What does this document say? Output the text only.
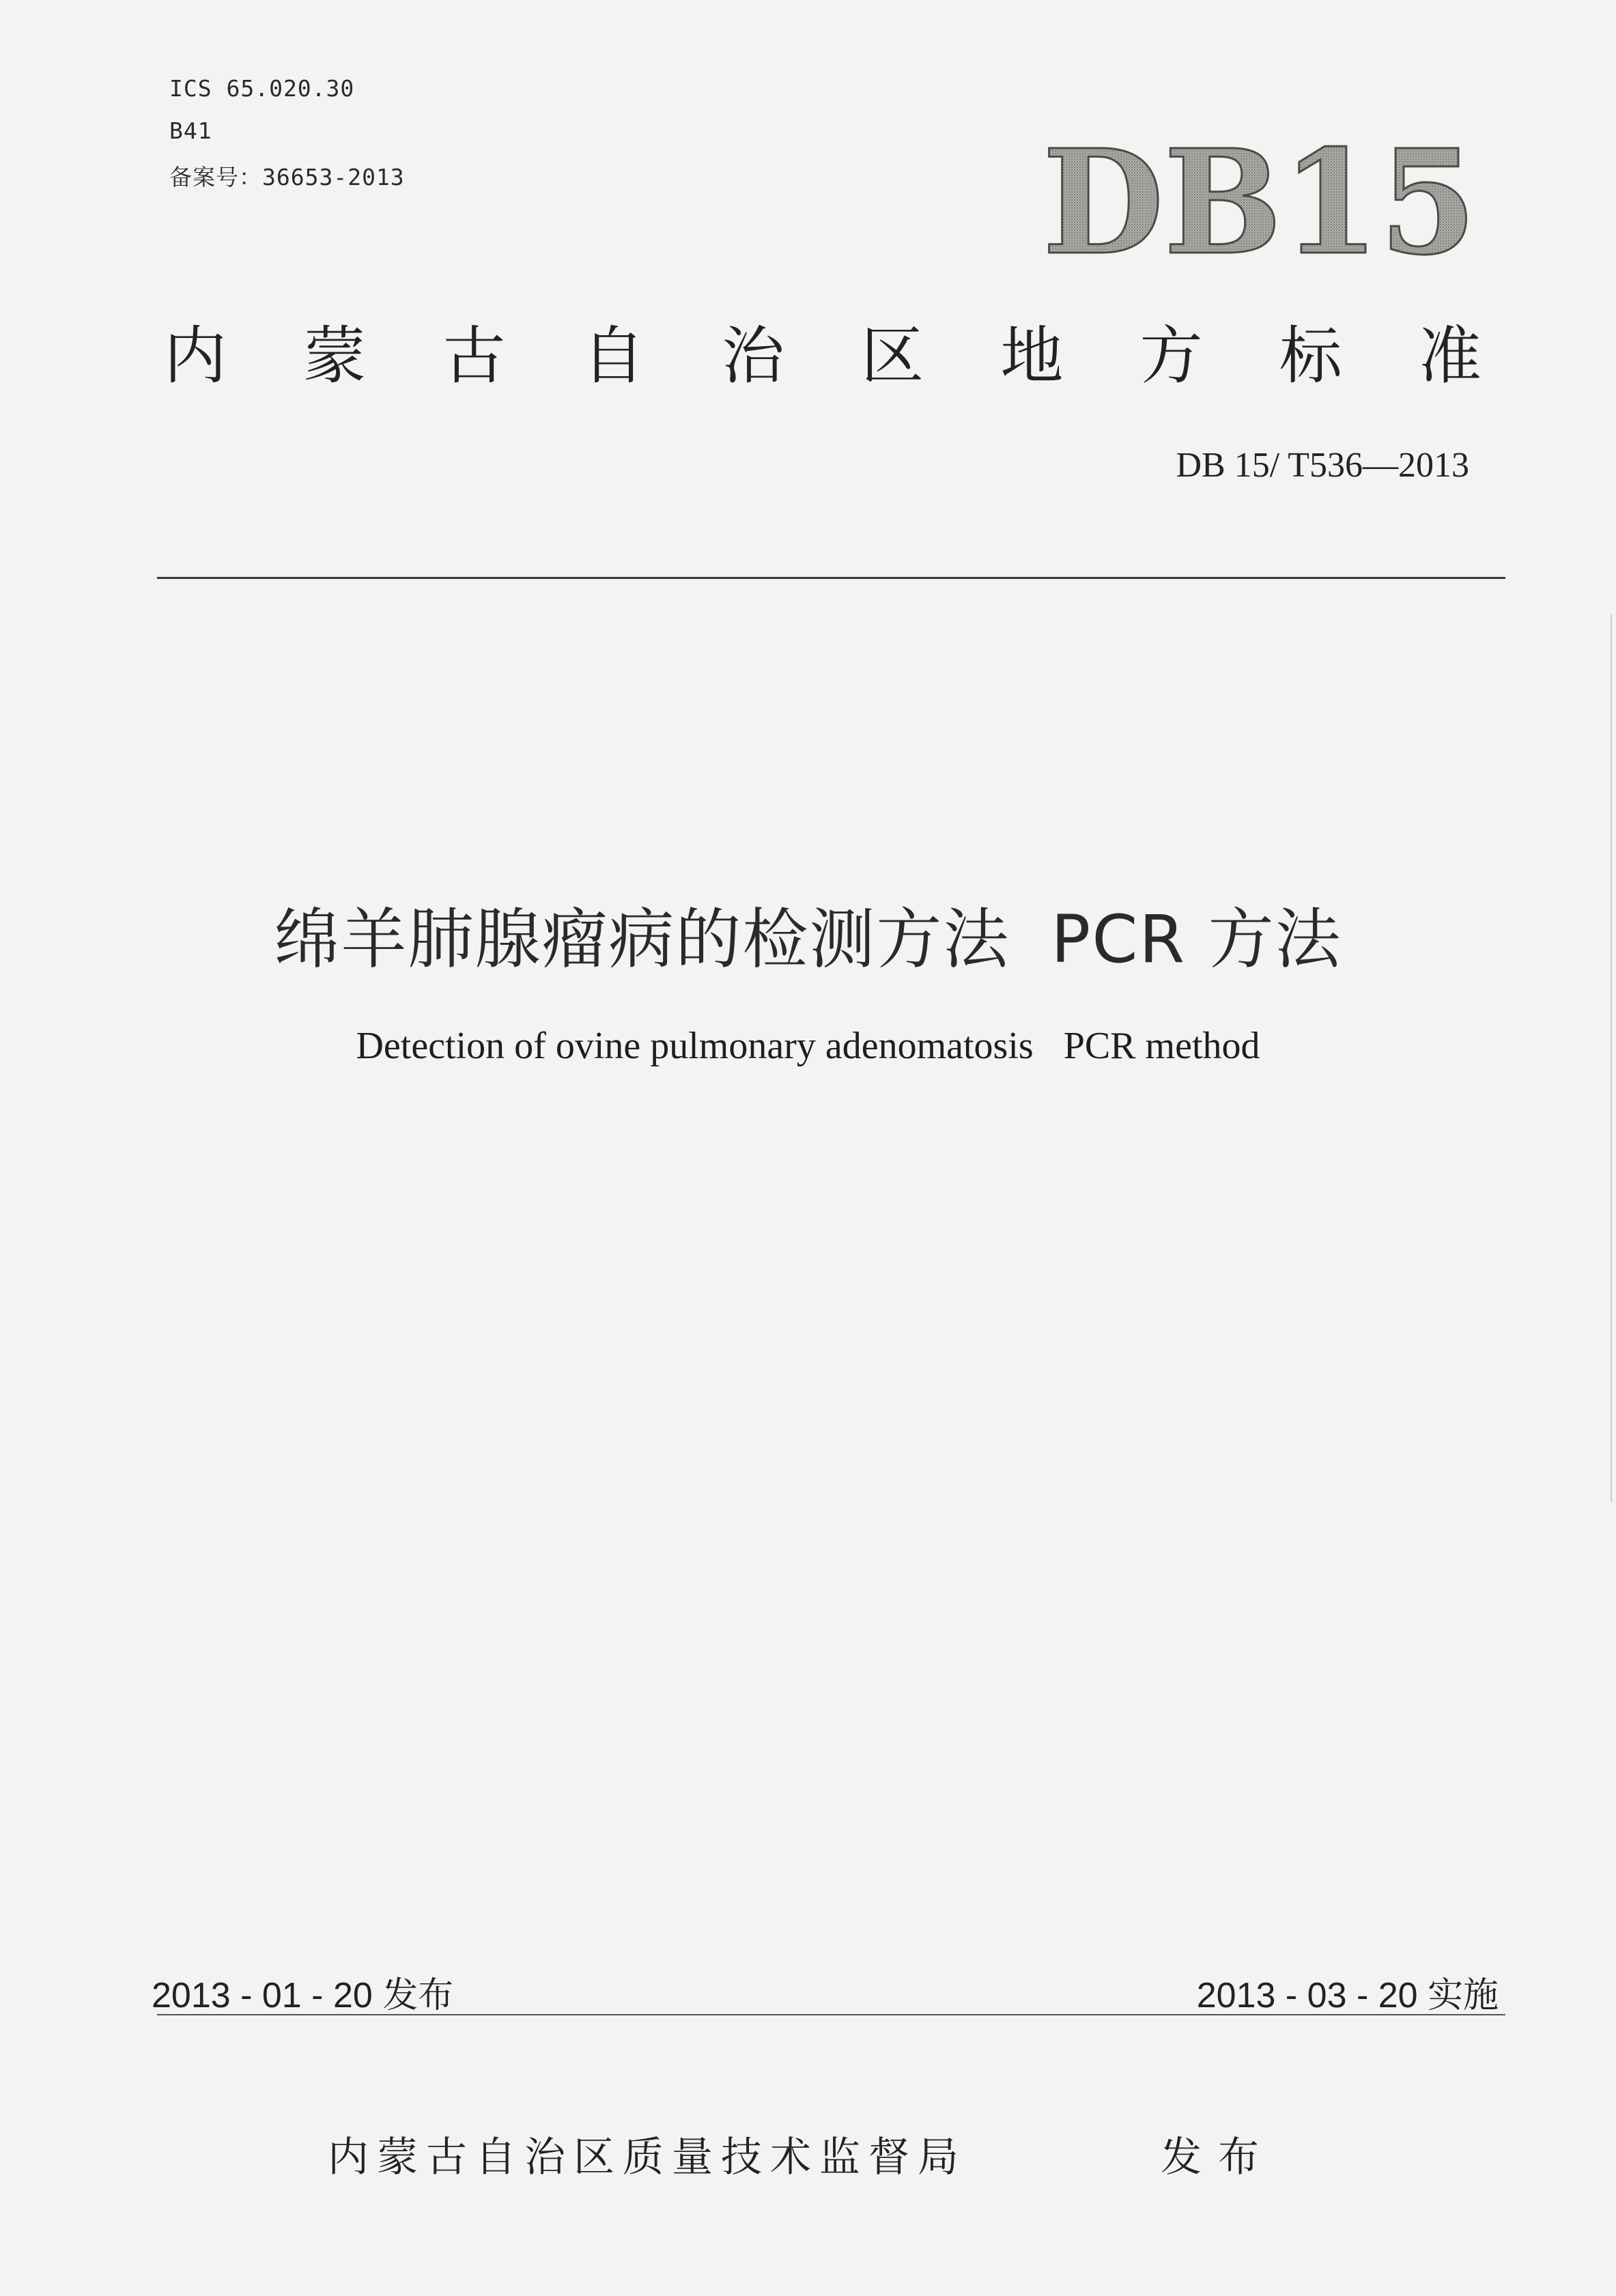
ICS 65.020.30
B41
备案号：36653-2013	DB15
内 蒙 古 自 治 区 地 方 标 准
DB 15/ T536—2013
绵羊肺腺瘤病的检测方法 PCR 方法
Detection of ovine pulmonary adenomatosis PCR method
2013 - 01 - 20 发布	2013 - 03 - 20 实施
内蒙古自治区质量技术监督局	发布
